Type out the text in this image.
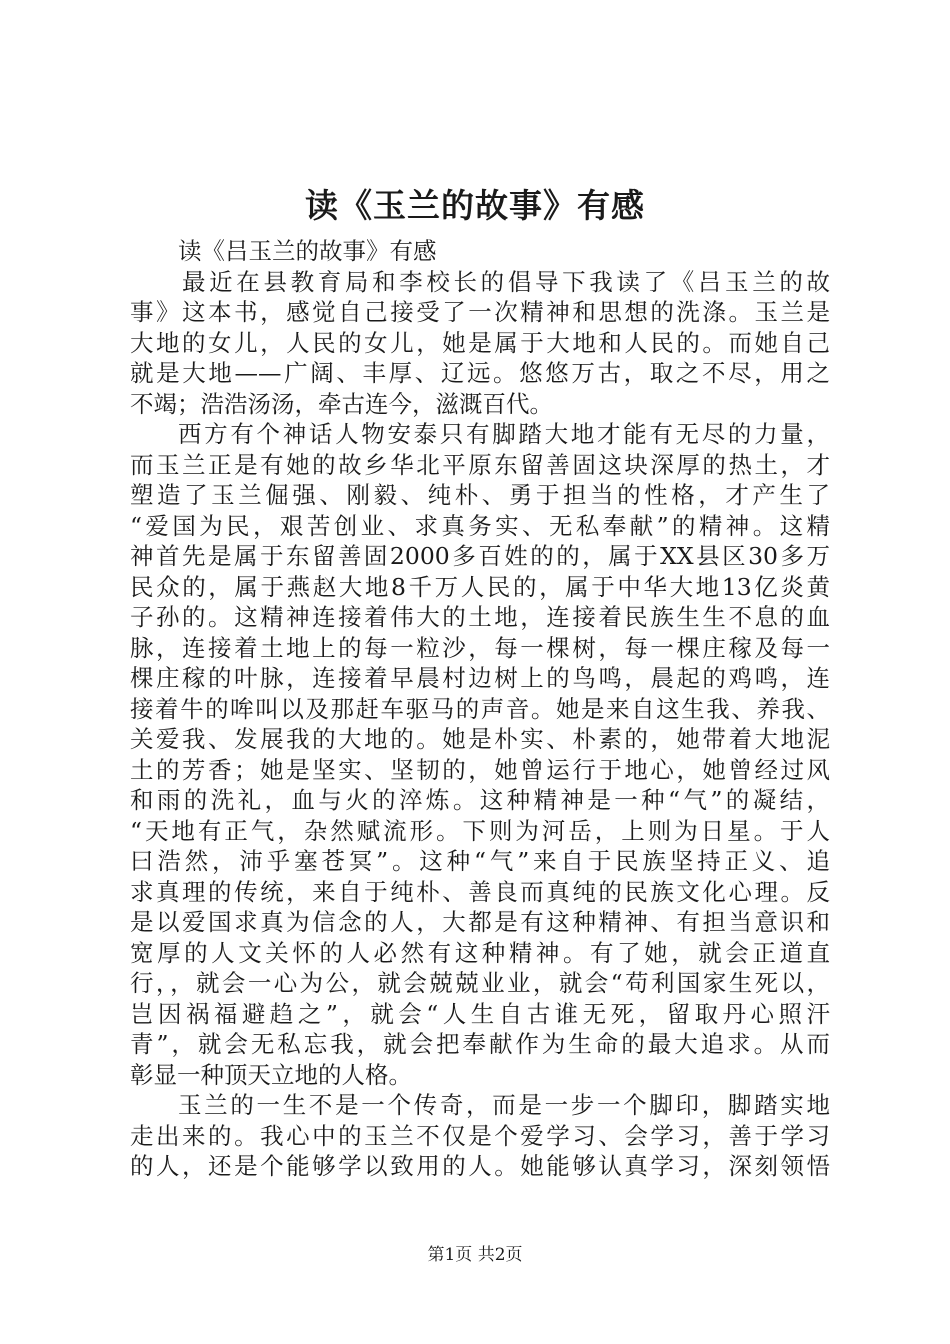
读《玉兰的故事》有感

读《吕玉兰的故事》有感

最近在县教育局和李校长的倡导下我读了《吕玉兰的故

事》这本书，感觉自己接受了一次精神和思想的洗涤。玉兰是

大地的女儿，人民的女儿，她是属于大地和人民的。而她自己

就是大地——广阔、丰厚、辽远。悠悠万古，取之不尽，用之

不竭；浩浩汤汤，牵古连今，滋溉百代。

西方有个神话人物安泰只有脚踏大地才能有无尽的力量，

而玉兰正是有她的故乡华北平原东留善固这块深厚的热土，才

塑造了玉兰倔强、刚毅、纯朴、勇于担当的性格，才产生了

“爱国为民，艰苦创业、求真务实、无私奉献”的精神。这精

神首先是属于东留善固2000多百姓的的，属于XX县区30多万

民众的，属于燕赵大地8千万人民的，属于中华大地13亿炎黄

子孙的。这精神连接着伟大的土地，连接着民族生生不息的血

脉，连接着土地上的每一粒沙，每一棵树，每一棵庄稼及每一

棵庄稼的叶脉，连接着早晨村边树上的鸟鸣，晨起的鸡鸣，连

接着牛的哞叫以及那赶车驱马的声音。她是来自这生我、养我、

关爱我、发展我的大地的。她是朴实、朴素的，她带着大地泥

土的芳香；她是坚实、坚韧的，她曾运行于地心，她曾经过风

和雨的洗礼，血与火的淬炼。这种精神是一种“气”的凝结，

“天地有正气，杂然赋流形。下则为河岳，上则为日星。于人

曰浩然，沛乎塞苍冥”。这种“气”来自于民族坚持正义、追

求真理的传统，来自于纯朴、善良而真纯的民族文化心理。反

是以爱国求真为信念的人，大都是有这种精神、有担当意识和

宽厚的人文关怀的人必然有这种精神。有了她，就会正道直

行，，就会一心为公，就会兢兢业业，就会“苟利国家生死以，

岂因祸福避趋之”，就会“人生自古谁无死，留取丹心照汗

青”，就会无私忘我，就会把奉献作为生命的最大追求。从而

彰显一种顶天立地的人格。

玉兰的一生不是一个传奇，而是一步一个脚印，脚踏实地

走出来的。我心中的玉兰不仅是个爱学习、会学习，善于学习

的人，还是个能够学以致用的人。她能够认真学习，深刻领悟

第1页 共2页
